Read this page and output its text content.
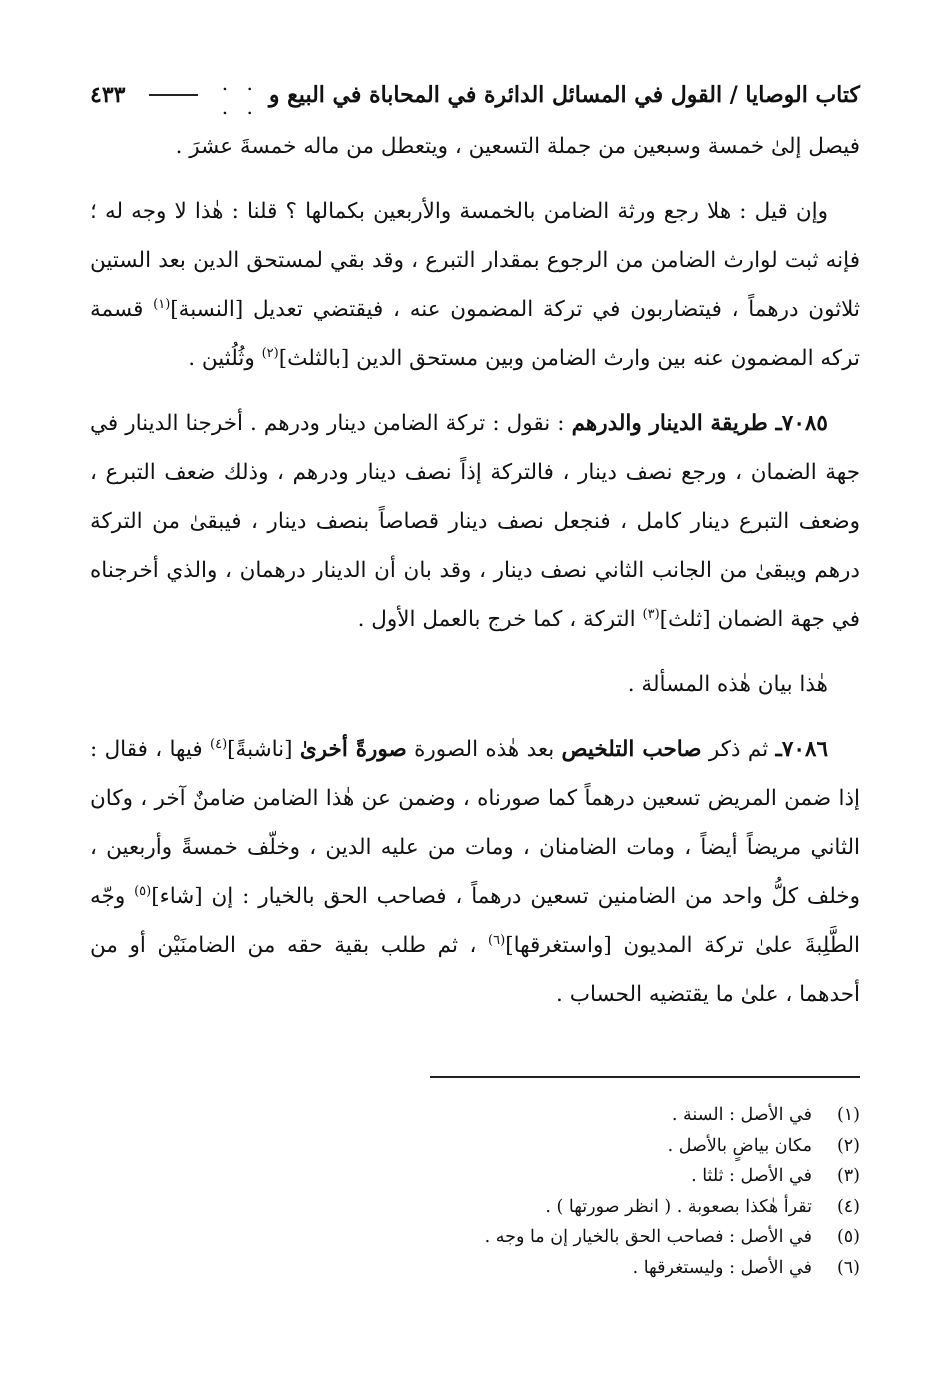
كتاب الوصايا / القول في المسائل الدائرة في المحاباة في البيع و
. . . .
٤٣٣

فيصل إلىٰ خمسة وسبعين من جملة التسعين ، ويتعطل من ماله خمسةَ عشرَ .

وإن قيل : هلا رجع ورثة الضامن بالخمسة والأربعين بكمالها ؟ قلنا : هٰذا لا وجه له ؛ فإنه ثبت لوارث الضامن من الرجوع بمقدار التبرع ، وقد بقي لمستحق الدين بعد الستين ثلاثون درهماً ، فيتضاربون في تركة المضمون عنه ، فيقتضي تعديل [النسبة]$^{(١)}$ قسمة تركه المضمون عنه بين وارث الضامن وبين مستحق الدين [بالثلث]$^{(٢)}$ وثُلُثين .

٧٠٨٥ـ طريقة الدينار والدرهم : نقول : تركة الضامن دينار ودرهم . أخرجنا الدينار في جهة الضمان ، ورجع نصف دينار ، فالتركة إذاً نصف دينار ودرهم ، وذلك ضعف التبرع ، وضعف التبرع دينار كامل ، فنجعل نصف دينار قصاصاً بنصف دينار ، فيبقىٰ من التركة درهم ويبقىٰ من الجانب الثاني نصف دينار ، وقد بان أن الدينار درهمان ، والذي أخرجناه في جهة الضمان [ثلث]$^{(٣)}$ التركة ، كما خرج بالعمل الأول .

هٰذا بيان هٰذه المسألة .

٧٠٨٦ـ ثم ذكر صاحب التلخيص بعد هٰذه الصورة صورةً أخرىٰ [ناشبةً]$^{(٤)}$ فيها ، فقال : إذا ضمن المريض تسعين درهماً كما صورناه ، وضمن عن هٰذا الضامن ضامنٌ آخر ، وكان الثاني مريضاً أيضاً ، ومات الضامنان ، ومات من عليه الدين ، وخلّف خمسةً وأربعين ، وخلف كلُّ واحد من الضامنين تسعين درهماً ، فصاحب الحق بالخيار : إن [شاء]$^{(٥)}$ وجّه الطَّلِبةَ علىٰ تركة المديون [واستغرقها]$^{(٦)}$ ، ثم طلب بقية حقه من الضامنَيْن أو من أحدهما ، علىٰ ما يقتضيه الحساب .

(١)
في الأصل : السنة .
(٢)
مكان بياضٍ بالأصل .
(٣)
في الأصل : ثلثا .
(٤)
تقرأ هٰكذا بصعوبة . ( انظر صورتها ) .
(٥)
في الأصل : فصاحب الحق بالخيار إن ما وجه .
(٦)
في الأصل : وليستغرقها .
